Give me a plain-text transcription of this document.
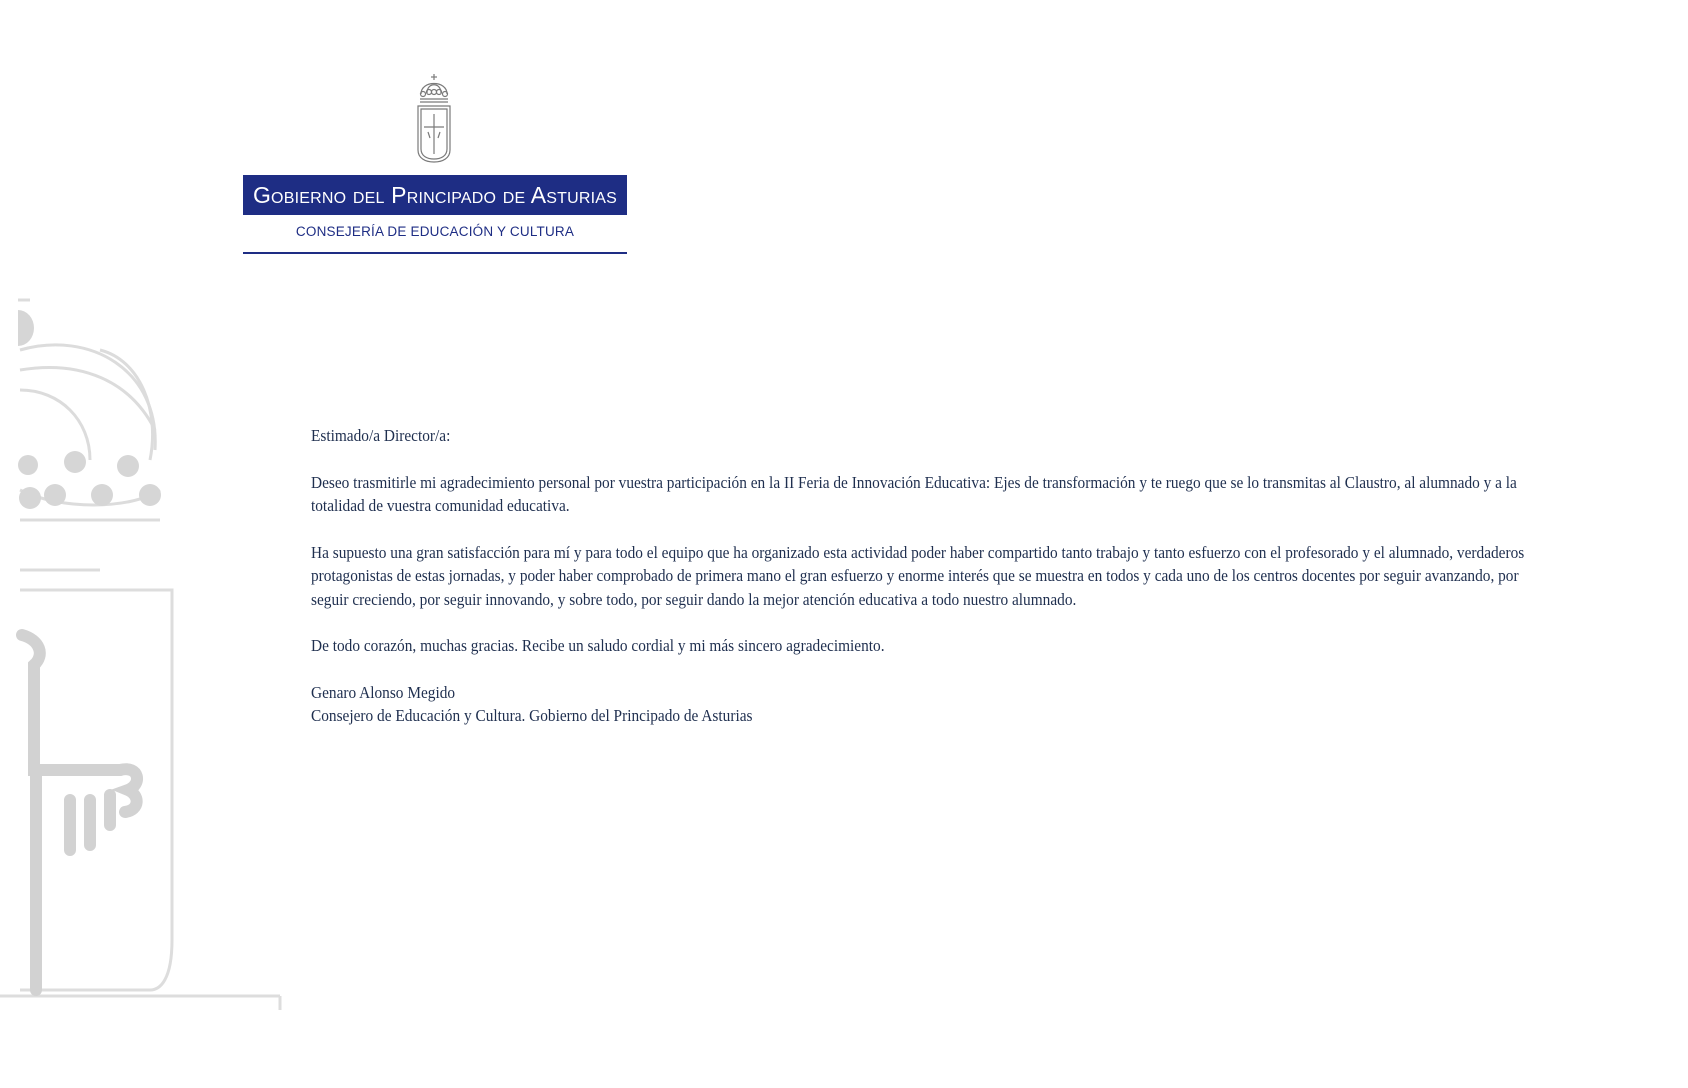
Gobierno del Principado de Asturias
CONSEJERÍA DE EDUCACIÓN Y CULTURA

Estimado/a Director/a:

Deseo trasmitirle mi agradecimiento personal por vuestra participación en la II Feria de Innovación Educativa: Ejes de transformación y te ruego que se lo transmitas al Claustro, al alumnado y a la totalidad de vuestra comunidad educativa.

Ha supuesto una gran satisfacción para mí y para todo el equipo que ha organizado esta actividad poder haber compartido tanto trabajo y tanto esfuerzo con el profesorado y el alumnado, verdaderos protagonistas de estas jornadas, y poder haber comprobado de primera mano el gran esfuerzo y enorme interés que se muestra en todos y cada uno de los centros docentes por seguir avanzando, por seguir creciendo, por seguir innovando, y sobre todo, por seguir dando la mejor atención educativa a todo nuestro alumnado.

De todo corazón, muchas gracias. Recibe un saludo cordial y mi más sincero agradecimiento.

Genaro Alonso Megido
Consejero de Educación y Cultura. Gobierno del Principado de Asturias
